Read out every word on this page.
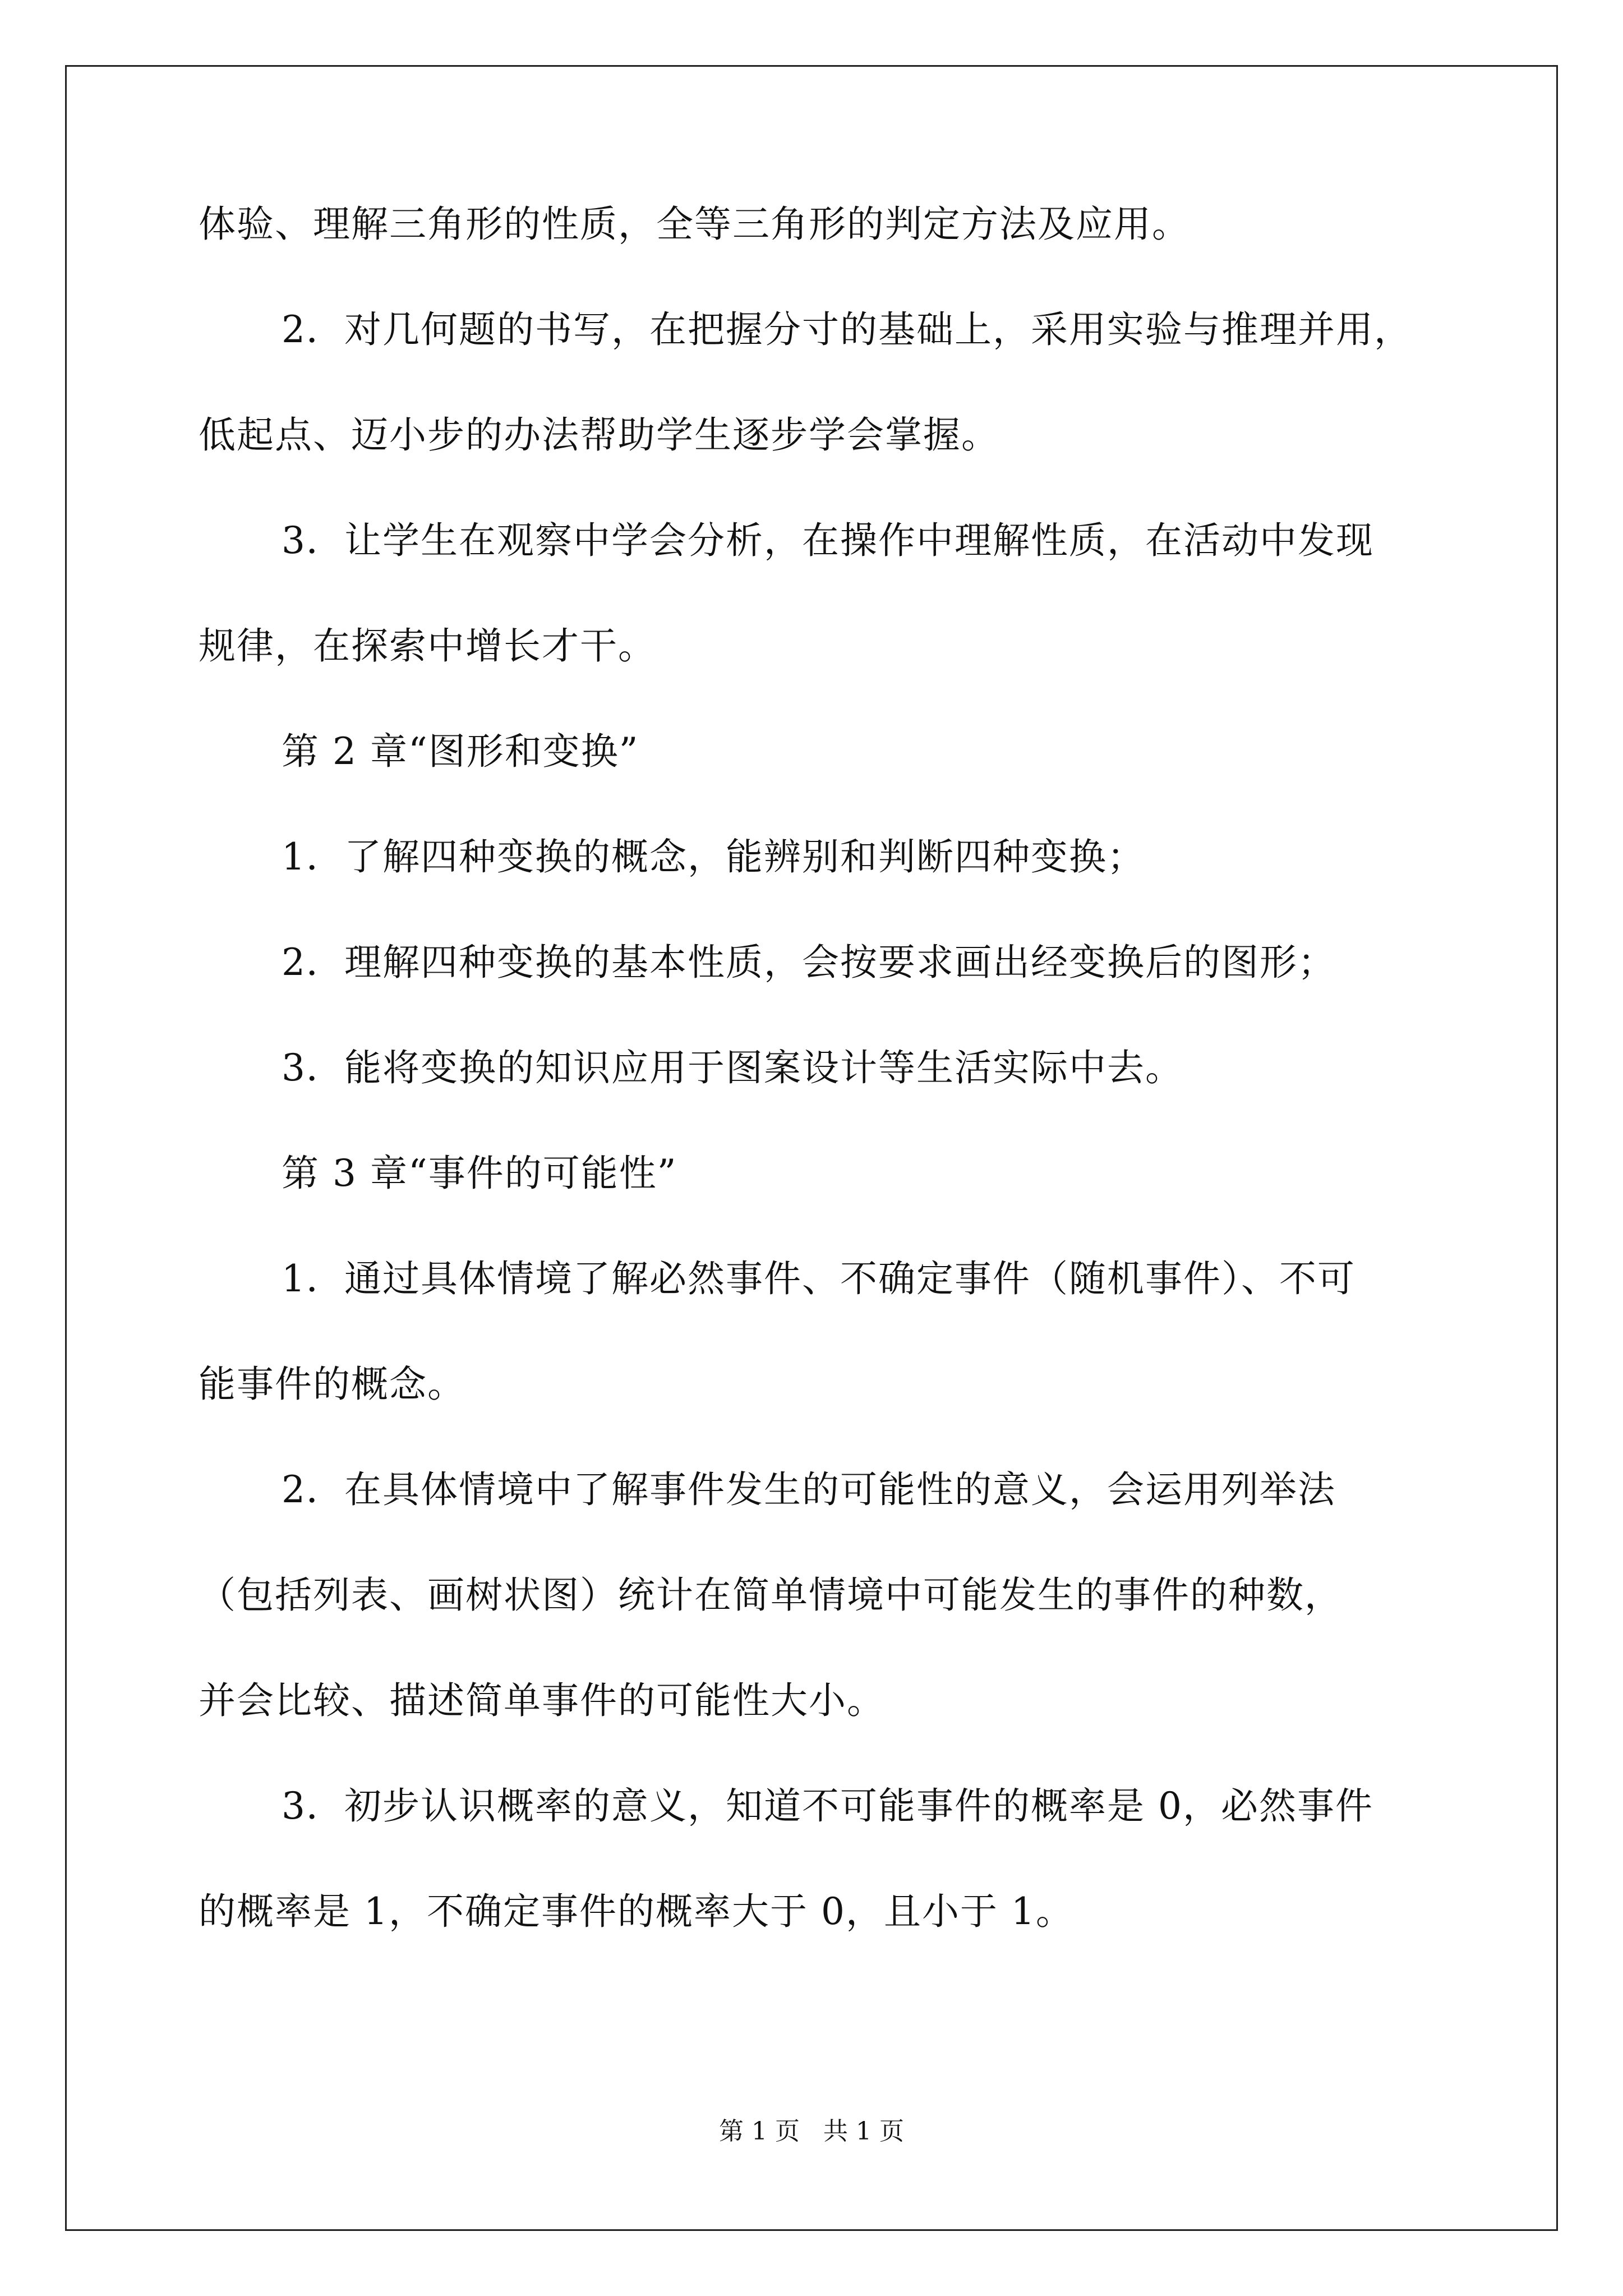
体验、理解三角形的性质，全等三角形的判定方法及应用。
2．对几何题的书写，在把握分寸的基础上，采用实验与推理并用，
低起点、迈小步的办法帮助学生逐步学会掌握。
3．让学生在观察中学会分析，在操作中理解性质，在活动中发现
规律，在探索中增长才干。
第 2 章“图形和变换”
1．了解四种变换的概念，能辨别和判断四种变换；
2．理解四种变换的基本性质，会按要求画出经变换后的图形；
3．能将变换的知识应用于图案设计等生活实际中去。
第 3 章“事件的可能性”
1．通过具体情境了解必然事件、不确定事件（随机事件）、不可
能事件的概念。
2．在具体情境中了解事件发生的可能性的意义，会运用列举法
（包括列表、画树状图）统计在简单情境中可能发生的事件的种数，
并会比较、描述简单事件的可能性大小。
3．初步认识概率的意义，知道不可能事件的概率是 0，必然事件
的概率是 1，不确定事件的概率大于 0，且小于 1。
第 1 页   共 1 页
